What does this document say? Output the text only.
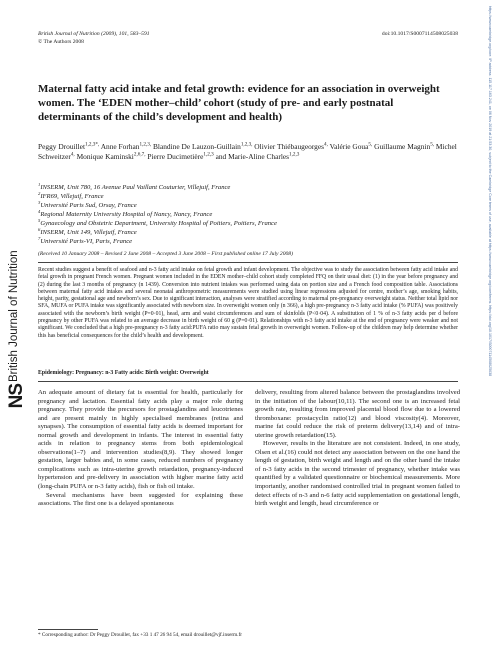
British Journal of Nutrition (2009), 101, 583–591	doi:10.1017/S0007114508025038
© The Authors 2008	https://www.cambridge.org/core. IP address: 115.117.163.241, on 06 Nov 2019 at 21:53:30, subject to the Cambridge Core terms of use, available at https://www.cambridge.org/core/terms. https://doi.org/10.1017/S0007114508025038
British Journal of Nutrition
NS
Maternal fatty acid intake and fetal growth: evidence for an association in overweight women. The ‘EDEN mother–child’ cohort (study of pre- and early postnatal determinants of the child’s development and health)
Peggy Drouillet$^{1,2,3*,}$ Anne Forhan$^{1,2,3,}$ Blandine De Lauzon-Guillain$^{1,2,3,}$ Olivier Thiébaugeorges$^{4,}$ Valérie Goua$^{5,}$ Guillaume Magnin$^{5,}$ Michel Schweitzer$^{4,}$ Monique Kaminski$^{2,6,7,}$ Pierre Ducimetière$^{1,2,3}$ and Marie-Aline Charles$^{1,2,3}$
$^1$INSERM, Unit 780, 16 Avenue Paul Vaillant Couturier, Villejuif, France
$^2$IFR69, Villejuif, France
$^3$Université Paris Sud, Orsay, France
$^4$Regional Maternity University Hospital of Nancy, Nancy, France
$^5$Gynaecology and Obstetric Department, University Hospital of Poitiers, Poitiers, France
$^6$INSERM, Unit 149, Villejuif, France
$^7$Université Paris-VI, Paris, France
(Received 10 January 2008 – Revised 2 June 2008 – Accepted 3 June 2008 – First published online 17 July 2008)
Recent studies suggest a benefit of seafood and n-3 fatty acid intake on fetal growth and infant development. The objective was to study the association between fatty acid intake and fetal growth in pregnant French women. Pregnant women included in the EDEN mother–child cohort study completed FFQ on their usual diet: (1) in the year before pregnancy and (2) during the last 3 months of pregnancy (n 1439). Conversion into nutrient intakes was performed using data on portion size and a French food composition table. Associations between maternal fatty acid intakes and several neonatal anthropometric measurements were studied using linear regressions adjusted for centre, mother’s age, smoking habits, height, parity, gestational age and newborn’s sex. Due to significant interaction, analyses were stratified according to maternal pre-pregnancy overweight status. Neither total lipid nor SFA, MUFA or PUFA intake was significantly associated with newborn size. In overweight women only (n 366), a high pre-pregnancy n-3 fatty acid intake (% PUFA) was positively associated with the newborn’s birth weight (P=0·01), head, arm and waist circumferences and sum of skinfolds (P<0·04). A substitution of 1 % of n-3 fatty acids per d before pregnancy by other PUFA was related to an average decrease in birth weight of 60 g (P=0·01). Relationships with n-3 fatty acid intake at the end of pregnancy were weaker and not significant. We concluded that a high pre-pregnancy n-3 fatty acid:PUFA ratio may sustain fetal growth in overweight women. Follow-up of the children may help determine whether this has beneficial consequences for the child’s health and development.
Epidemiology: Pregnancy: n-3 Fatty acids: Birth weight: Overweight

An adequate amount of dietary fat is essential for health, particularly for pregnancy and lactation. Essential fatty acids play a major role during pregnancy. They provide the precursors for prostaglandins and leucotrienes and are present mainly in highly specialised membranes (retina and synapses). The consumption of essential fatty acids is deemed important for normal growth and development in infants. The interest in essential fatty acids in relation to pregnancy stems from both epidemiological observations(1–7) and intervention studies(8,9). They showed longer gestation, larger babies and, in some cases, reduced numbers of pregnancy complications such as intra-uterine growth retardation, pregnancy-induced hypertension and pre-delivery in association with higher marine fatty acid (long-chain PUFA or n-3 fatty acids), fish or fish oil intake.

Several mechanisms have been suggested for explaining these associations. The first one is a delayed spontaneous

delivery, resulting from altered balance between the prostaglandins involved in the initiation of the labour(10,11). The second one is an increased fetal growth rate, resulting from improved placental blood flow due to a lowered thromboxane: prostacyclin ratio(12) and blood viscosity(4). Moreover, marine fat could reduce the risk of preterm delivery(13,14) and of intra-uterine growth retardation(15).

However, results in the literature are not consistent. Indeed, in one study, Olsen et al.(16) could not detect any association between on the one hand the length of gestation, birth weight and length and on the other hand the intake of n-3 fatty acids in the second trimester of pregnancy, whether intake was quantified by a validated questionnaire or biochemical measurements. More importantly, another randomised controlled trial in pregnant women failed to detect effects of n-3 and n-6 fatty acid supplementation on gestational length, birth weight and length, head circumference or

* Corresponding author: Dr Peggy Drouillet, fax +33 1 47 26 94 54, email drouillet@vjf.inserm.fr
